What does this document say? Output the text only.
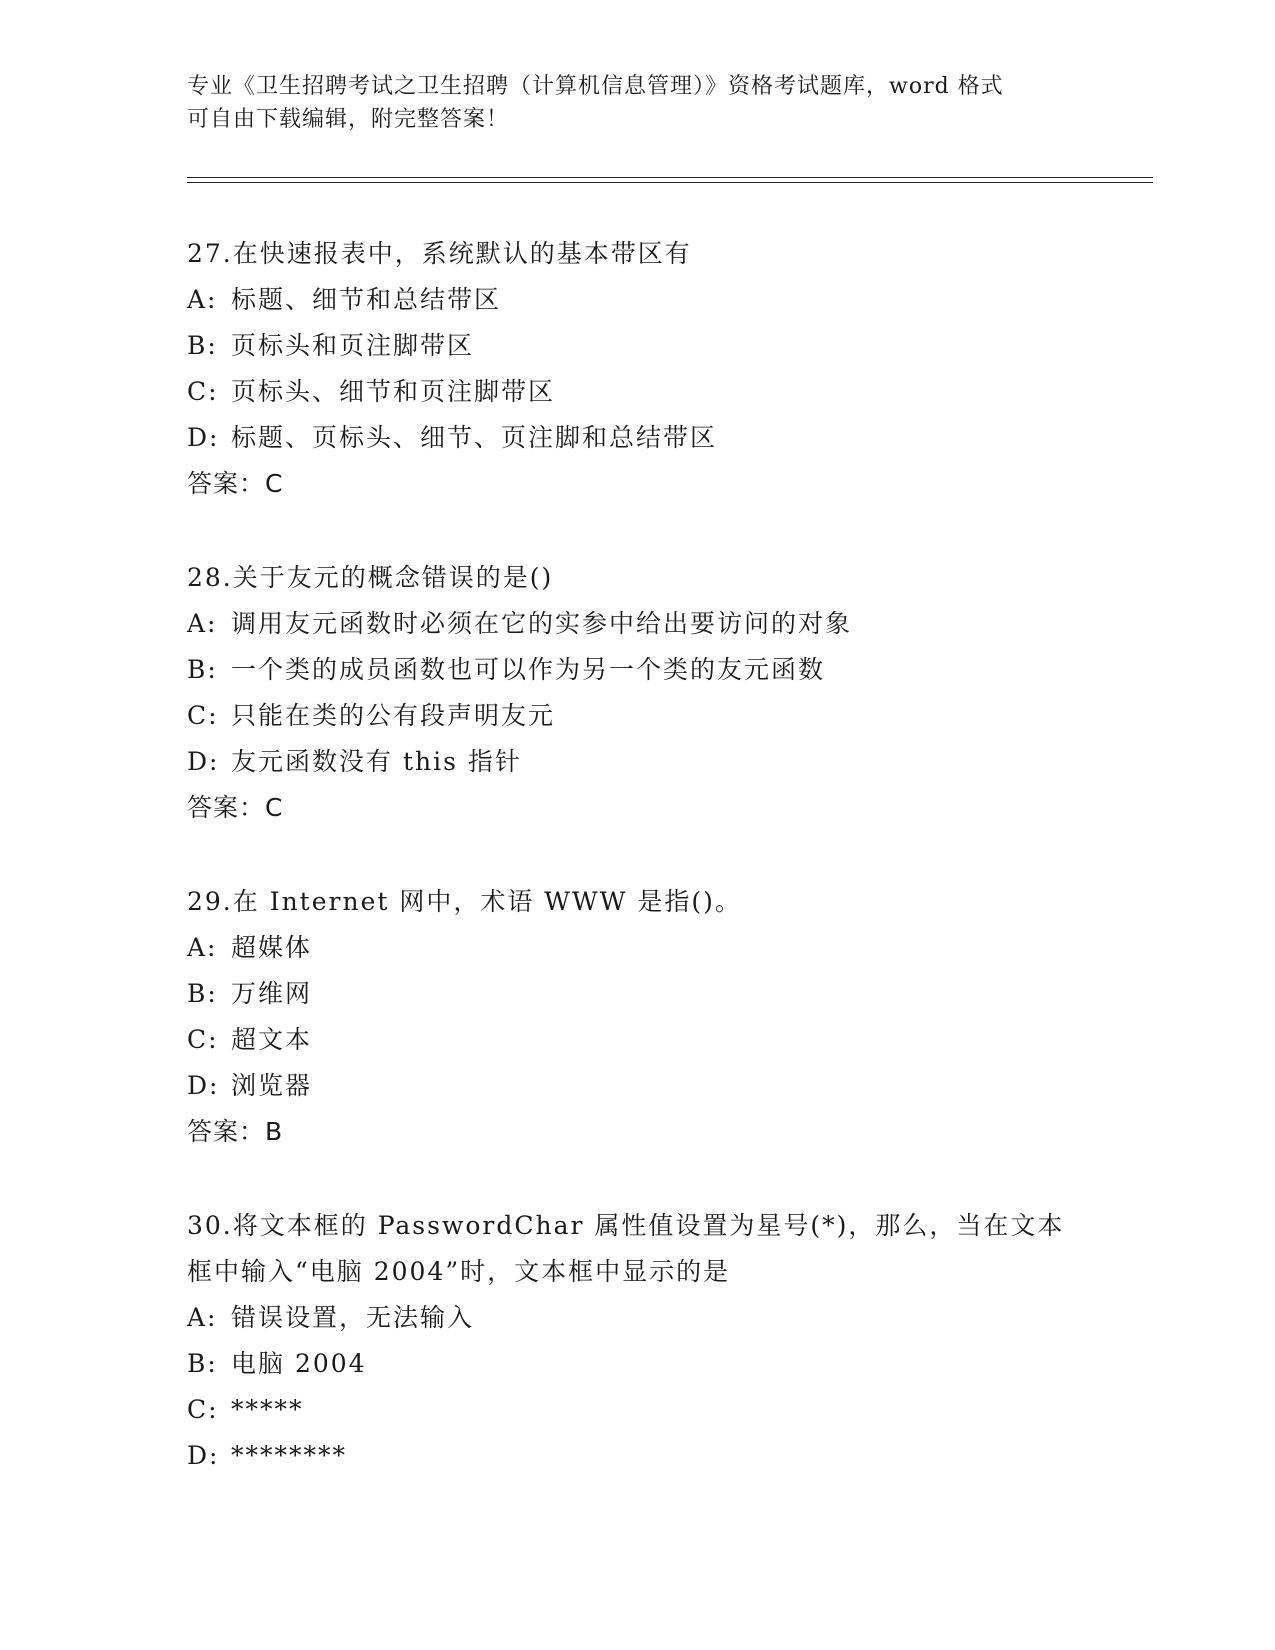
专业《卫生招聘考试之卫生招聘（计算机信息管理）》资格考试题库，word 格式
可自由下载编辑，附完整答案！
27.在快速报表中，系统默认的基本带区有
A: 标题、细节和总结带区
B: 页标头和页注脚带区
C: 页标头、细节和页注脚带区
D: 标题、页标头、细节、页注脚和总结带区
答案：C
28.关于友元的概念错误的是()
A: 调用友元函数时必须在它的实参中给出要访问的对象
B: 一个类的成员函数也可以作为另一个类的友元函数
C: 只能在类的公有段声明友元
D: 友元函数没有 this 指针
答案：C
29.在 Internet 网中，术语 WWW 是指()。
A: 超媒体
B: 万维网
C: 超文本
D: 浏览器
答案：B
30.将文本框的 PasswordChar 属性值设置为星号(*)，那么，当在文本
框中输入“电脑 2004”时，文本框中显示的是
A: 错误设置，无法输入
B: 电脑 2004
C: *****
D: ********
